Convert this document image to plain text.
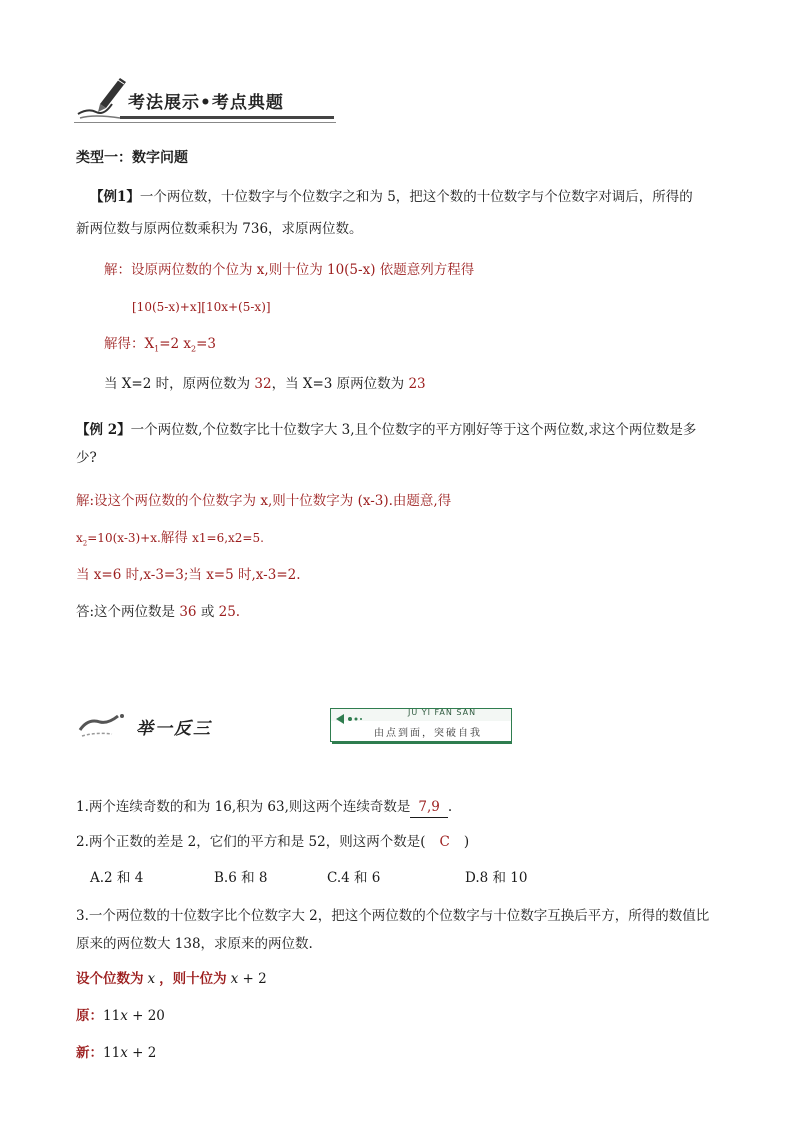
考法展示•考点典题
类型一：数字问题
【例1】一个两位数，十位数字与个位数字之和为 5，把这个数的十位数字与个位数字对调后，所得的
新两位数与原两位数乘积为 736，求原两位数。
解：设原两位数的个位为 x,则十位为 10(5-x) 依题意列方程得
[10(5-x)+x][10x+(5-x)]
解得：$X_1=2$ $x_2=3$
当 X=2 时，原两位数为 32，当 X=3 原两位数为 23
【例 2】一个两位数,个位数字比十位数字大 3,且个位数字的平方刚好等于这个两位数,求这个两位数是多
少?
解:设这个两位数的个位数字为 x,则十位数字为 (x-3).由题意,得
$x_2=10(x-3)+x$.解得 x1=6,x2=5.
当 x=6 时,x-3=3;当 x=5 时,x-3=2.
答:这个两位数是 36 或 25.
举一反三
JU YI FAN SAN
由点到面，突破自我
1.两个连续奇数的和为 16,积为 63,则这两个连续奇数是 7,9 .
2.两个正数的差是 2，它们的平方和是 52，则这两个数是( C )
A.2 和 4	B.6 和 8	C.4 和 6	D.8 和 10
3.一个两位数的十位数字比个位数字大 2，把这个两位数的个位数字与十位数字互换后平方，所得的数值比
原来的两位数大 138，求原来的两位数.
设个位数为 x ，则十位为 x + 2
原：11x + 20
新：11x + 2
